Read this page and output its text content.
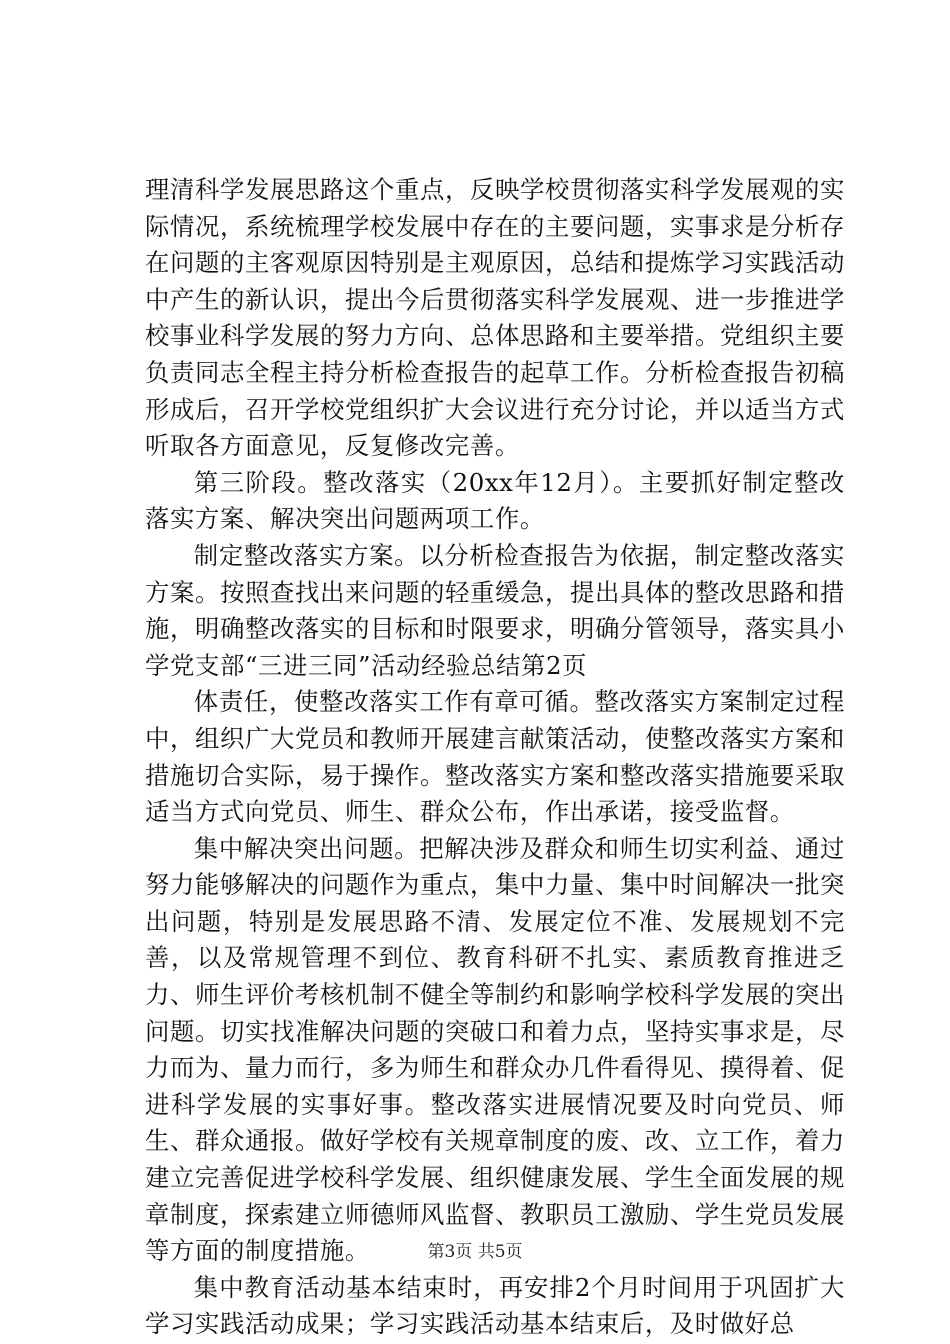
理清科学发展思路这个重点，反映学校贯彻落实科学发展观的实际情况，系统梳理学校发展中存在的主要问题，实事求是分析存在问题的主客观原因特别是主观原因，总结和提炼学习实践活动中产生的新认识，提出今后贯彻落实科学发展观、进一步推进学校事业科学发展的努力方向、总体思路和主要举措。党组织主要负责同志全程主持分析检查报告的起草工作。分析检查报告初稿形成后，召开学校党组织扩大会议进行充分讨论，并以适当方式听取各方面意见，反复修改完善。

第三阶段。整改落实（20xx年12月）。主要抓好制定整改落实方案、解决突出问题两项工作。

制定整改落实方案。以分析检查报告为依据，制定整改落实方案。按照查找出来问题的轻重缓急，提出具体的整改思路和措施，明确整改落实的目标和时限要求，明确分管领导，落实具小学党支部“三进三同”活动经验总结第2页

体责任，使整改落实工作有章可循。整改落实方案制定过程中，组织广大党员和教师开展建言献策活动，使整改落实方案和措施切合实际，易于操作。整改落实方案和整改落实措施要采取适当方式向党员、师生、群众公布，作出承诺，接受监督。

集中解决突出问题。把解决涉及群众和师生切实利益、通过努力能够解决的问题作为重点，集中力量、集中时间解决一批突出问题，特别是发展思路不清、发展定位不准、发展规划不完善，以及常规管理不到位、教育科研不扎实、素质教育推进乏力、师生评价考核机制不健全等制约和影响学校科学发展的突出问题。切实找准解决问题的突破口和着力点，坚持实事求是，尽力而为、量力而行，多为师生和群众办几件看得见、摸得着、促进科学发展的实事好事。整改落实进展情况要及时向党员、师生、群众通报。做好学校有关规章制度的废、改、立工作，着力建立完善促进学校科学发展、组织健康发展、学生全面发展的规章制度，探索建立师德师风监督、教职员工激励、学生党员发展等方面的制度措施。

集中教育活动基本结束时，再安排2个月时间用于巩固扩大学习实践活动成果；学习实践活动基本结束后，及时做好总

第3页 共5页
